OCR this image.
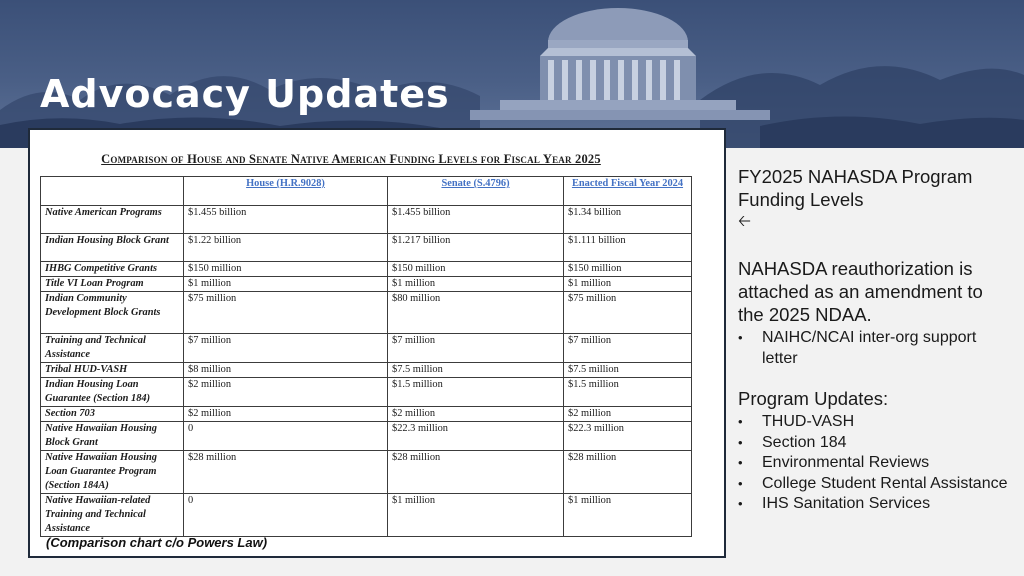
Advocacy Updates
Comparison of House and Senate Native American Funding Levels for Fiscal Year 2025
	House (H.R.9028)	Senate (S.4796)	Enacted Fiscal Year 2024
Native American Programs	$1.455 billion	$1.455 billion	$1.34 billion
Indian Housing Block Grant	$1.22 billion	$1.217 billion	$1.111 billion
IHBG Competitive Grants	$150 million	$150 million	$150 million
Title VI Loan Program	$1 million	$1 million	$1 million
Indian Community Development Block Grants	$75 million	$80 million	$75 million
Training and Technical Assistance	$7 million	$7 million	$7 million
Tribal HUD-VASH	$8 million	$7.5 million	$7.5 million
Indian Housing Loan Guarantee (Section 184)	$2 million	$1.5 million	$1.5 million
Section 703	$2 million	$2 million	$2 million
Native Hawaiian Housing Block Grant	0	$22.3 million	$22.3 million
Native Hawaiian Housing Loan Guarantee Program (Section 184A)	$28 million	$28 million	$28 million
Native Hawaiian-related Training and Technical Assistance	0	$1 million	$1 million
(Comparison chart c/o Powers Law)

FY2025 NAHASDA Program Funding Levels

🡠

NAHASDA reauthorization is attached as an amendment to the 2025 NDAA.

• NAIHC/NCAI inter-org support letter

Program Updates:

• THUD-VASH
• Section 184
• Environmental Reviews
• College Student Rental Assistance
• IHS Sanitation Services
